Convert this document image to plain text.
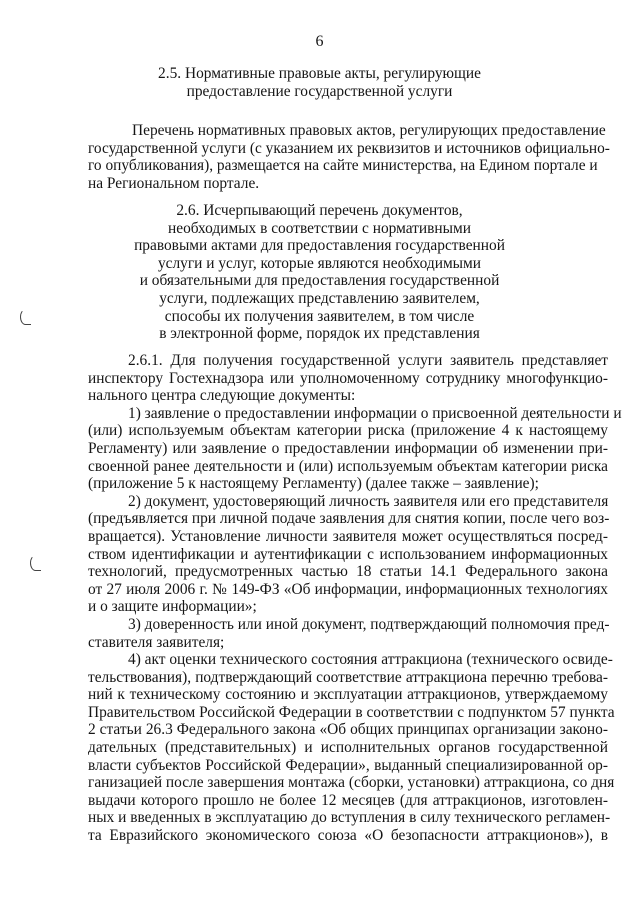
6
2.5. Нормативные правовые акты, регулирующие
предоставление государственной услуги
Перечень нормативных правовых актов, регулирующих предоставление
государственной услуги (с указанием их реквизитов и источников официально-
го опубликования), размещается на сайте министерства, на Едином портале и
на Региональном портале.
2.6. Исчерпывающий перечень документов,
необходимых в соответствии с нормативными
правовыми актами для предоставления государственной
услуги и услуг, которые являются необходимыми
и обязательными для предоставления государственной
услуги, подлежащих представлению заявителем,
способы их получения заявителем, в том числе
в электронной форме, порядок их представления
2.6.1. Для получения государственной услуги заявитель представляет
инспектору Гостехнадзора или уполномоченному сотруднику многофункцио-
нального центра следующие документы:
1) заявление о предоставлении информации о присвоенной деятельности и
(или) используемым объектам категории риска (приложение 4 к настоящему
Регламенту) или заявление о предоставлении информации об изменении при-
своенной ранее деятельности и (или) используемым объектам категории риска
(приложение 5 к настоящему Регламенту) (далее также – заявление);
2) документ, удостоверяющий личность заявителя или его представителя
(предъявляется при личной подаче заявления для снятия копии, после чего воз-
вращается). Установление личности заявителя может осуществляться посред-
ством идентификации и аутентификации с использованием информационных
технологий, предусмотренных частью 18 статьи 14.1 Федерального закона
от 27 июля 2006 г. № 149-ФЗ «Об информации, информационных технологиях
и о защите информации»;
3) доверенность или иной документ, подтверждающий полномочия пред-
ставителя заявителя;
4) акт оценки технического состояния аттракциона (технического освиде-
тельствования), подтверждающий соответствие аттракциона перечню требова-
ний к техническому состоянию и эксплуатации аттракционов, утверждаемому
Правительством Российской Федерации в соответствии с подпунктом 57 пункта
2 статьи 26.3 Федерального закона «Об общих принципах организации законо-
дательных (представительных) и исполнительных органов государственной
власти субъектов Российской Федерации», выданный специализированной ор-
ганизацией после завершения монтажа (сборки, установки) аттракциона, со дня
выдачи которого прошло не более 12 месяцев (для аттракционов, изготовлен-
ных и введенных в эксплуатацию до вступления в силу технического регламен-
та Евразийского экономического союза «О безопасности аттракционов»), в
